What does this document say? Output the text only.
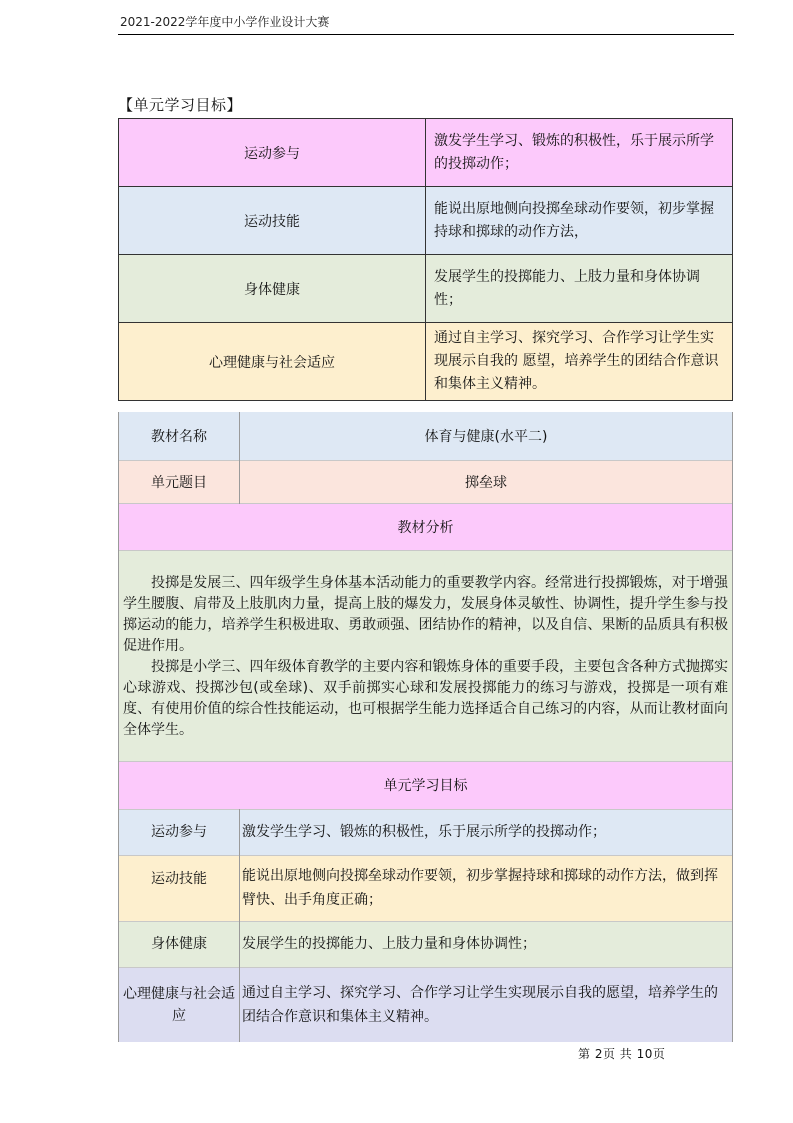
2021-2022学年度中小学作业设计大赛
【单元学习目标】
运动参与	激发学生学习、锻炼的积极性，乐于展示所学的投掷动作；
运动技能	能说出原地侧向投掷垒球动作要领，初步掌握持球和掷球的动作方法，
身体健康	发展学生的投掷能力、上肢力量和身体协调性；
心理健康与社会适应	通过自主学习、探究学习、合作学习让学生实现展示自我的 愿望，培养学生的团结合作意识和集体主义精神。
教材名称	体育与健康(水平二)
单元题目	掷垒球
教材分析	

投掷是发展三、四年级学生身体基本活动能力的重要教学内容。经常进行投掷锻炼，对于增强学生腰腹、肩带及上肢肌肉力量，提高上肢的爆发力，发展身体灵敏性、协调性，提升学生参与投掷运动的能力，培养学生积极进取、勇敢顽强、团结协作的精神，以及自信、果断的品质具有积极促进作用。

投掷是小学三、四年级体育教学的主要内容和锻炼身体的重要手段，主要包含各种方式抛掷实心球游戏、投掷沙包(或垒球)、双手前掷实心球和发展投掷能力的练习与游戏，投掷是一项有难度、有使用价值的综合性技能运动，也可根据学生能力选择适合自己练习的内容，从而让教材面向全体学生。	

单元学习目标	
运动参与	激发学生学习、锻炼的积极性，乐于展示所学的投掷动作；
运动技能	能说出原地侧向投掷垒球动作要领，初步掌握持球和掷球的动作方法，做到挥臂快、出手角度正确；
身体健康	发展学生的投掷能力、上肢力量和身体协调性；
心理健康与社会适应	通过自主学习、探究学习、合作学习让学生实现展示自我的愿望，培养学生的团结合作意识和集体主义精神。
第 2页 共 10页
